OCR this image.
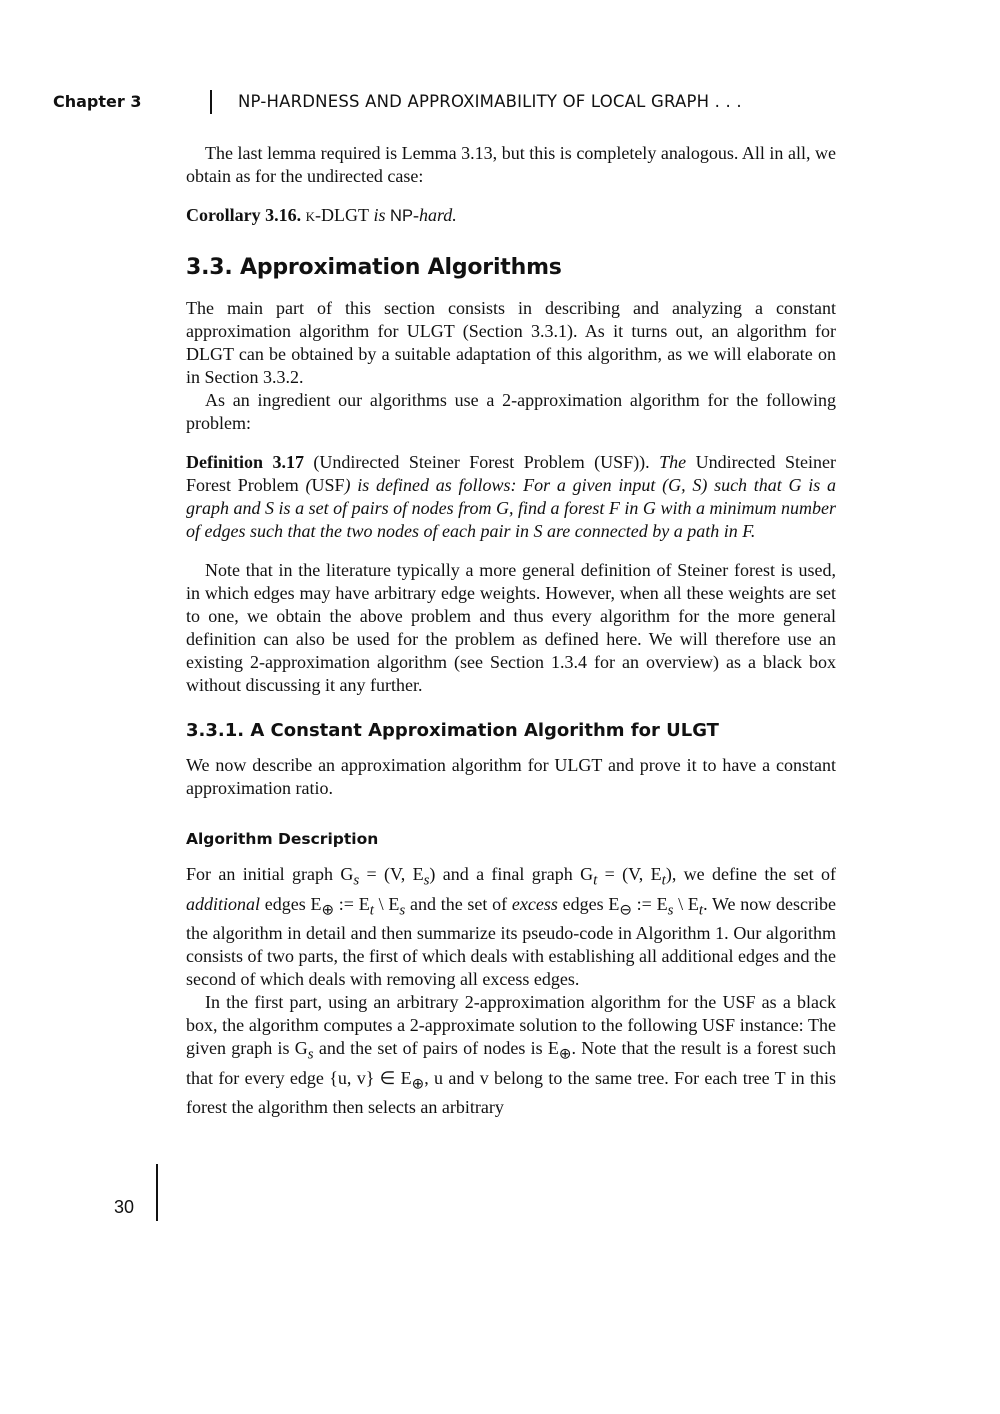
Chapter 3	NP-HARDNESS AND APPROXIMABILITY OF LOCAL GRAPH . . .

The last lemma required is Lemma 3.13, but this is completely analogous. All in all, we obtain as for the undirected case:

Corollary 3.16. k-DLGT is NP-hard.

3.3. Approximation Algorithms

The main part of this section consists in describing and analyzing a constant approximation algorithm for ULGT (Section 3.3.1). As it turns out, an algorithm for DLGT can be obtained by a suitable adaptation of this algorithm, as we will elaborate on in Section 3.3.2.

As an ingredient our algorithms use a 2-approximation algorithm for the following problem:

Definition 3.17 (Undirected Steiner Forest Problem (USF)). The Undirected Steiner Forest Problem (USF) is defined as follows: For a given input (G, S) such that G is a graph and S is a set of pairs of nodes from G, find a forest F in G with a minimum number of edges such that the two nodes of each pair in S are connected by a path in F.

Note that in the literature typically a more general definition of Steiner forest is used, in which edges may have arbitrary edge weights. However, when all these weights are set to one, we obtain the above problem and thus every algorithm for the more general definition can also be used for the problem as defined here. We will therefore use an existing 2-approximation algorithm (see Section 1.3.4 for an overview) as a black box without discussing it any further.

3.3.1. A Constant Approximation Algorithm for ULGT

We now describe an approximation algorithm for ULGT and prove it to have a constant approximation ratio.

Algorithm Description

For an initial graph $G_s = (V$, $E_s$) and a final graph $G_t = (V$, $E_t$), we define the set of additional edges $E_\oplus$ := $E_t$ \ $E_s$ and the set of excess edges $E_⊖$ := $E_s$ \ $E_t$. We now describe the algorithm in detail and then summarize its pseudo-code in Algorithm 1. Our algorithm consists of two parts, the first of which deals with establishing all additional edges and the second of which deals with removing all excess edges.

In the first part, using an arbitrary 2-approximation algorithm for the USF as a black box, the algorithm computes a 2-approximate solution to the following USF instance: The given graph is $G_s$ and the set of pairs of nodes is $E_\oplus$. Note that the result is a forest such that for every edge {u, v} ∈ $E_\oplus$, u and v belong to the same tree. For each tree T in this forest the algorithm then selects an arbitrary

30
